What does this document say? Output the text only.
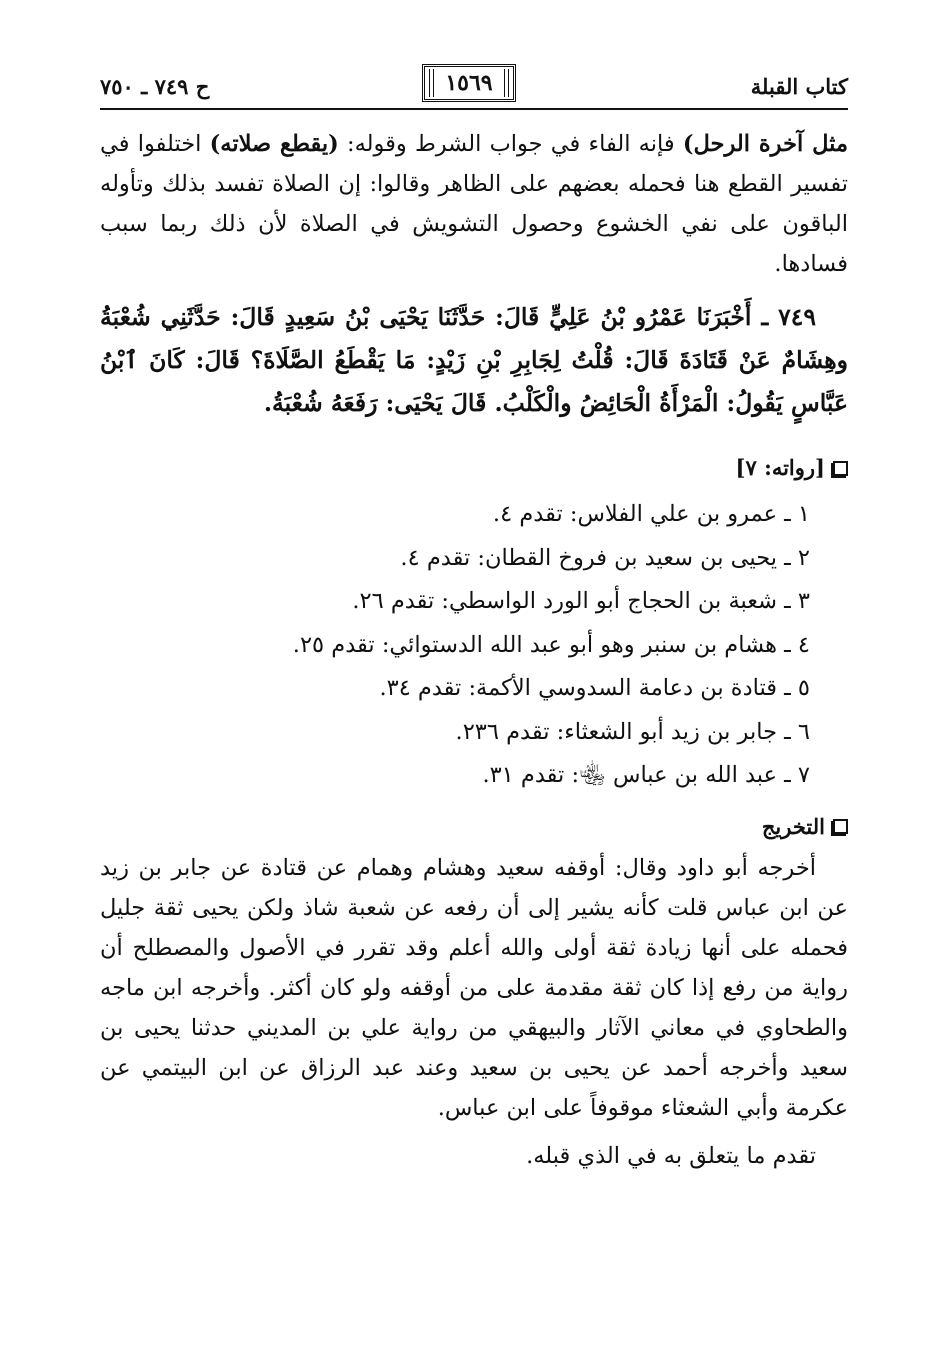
كتاب القبلة
١٥٦٩
ح ٧٤٩ ـ ٧٥٠

مثل آخرة الرحل) فإنه الفاء في جواب الشرط وقوله: (يقطع صلاته) اختلفوا في تفسير القطع هنا فحمله بعضهم على الظاهر وقالوا: إن الصلاة تفسد بذلك وتأوله الباقون على نفي الخشوع وحصول التشويش في الصلاة لأن ذلك ربما سبب فسادها.

٧٤٩ ـ أَخْبَرَنَا عَمْرُو بْنُ عَلِيٍّ قَالَ: حَدَّثَنَا يَحْيَى بْنُ سَعِيدٍ قَالَ: حَدَّثَنِي شُعْبَةُ وهِشَامٌ عَنْ قَتَادَةَ قَالَ: قُلْتُ لِجَابِرِ بْنِ زَيْدٍ: مَا يَقْطَعُ الصَّلَاةَ؟ قَالَ: كَانَ ٱبْنُ عَبَّاسٍ يَقُولُ: الْمَرْأَةُ الْحَائِضُ والْكَلْبُ. قَالَ يَحْيَى: رَفَعَهُ شُعْبَةُ.

[رواته: ٧]
١ ـ عمرو بن علي الفلاس: تقدم ٤.
٢ ـ يحيى بن سعيد بن فروخ القطان: تقدم ٤.
٣ ـ شعبة بن الحجاج أبو الورد الواسطي: تقدم ٢٦.
٤ ـ هشام بن سنبر وهو أبو عبد الله الدستوائي: تقدم ٢٥.
٥ ـ قتادة بن دعامة السدوسي الأكمة: تقدم ٣٤.
٦ ـ جابر بن زيد أبو الشعثاء: تقدم ٢٣٦.
٧ ـ عبد الله بن عباس ﵄: تقدم ٣١.
التخريج

أخرجه أبو داود وقال: أوقفه سعيد وهشام وهمام عن قتادة عن جابر بن زيد عن ابن عباس قلت كأنه يشير إلى أن رفعه عن شعبة شاذ ولكن يحيى ثقة جليل فحمله على أنها زيادة ثقة أولى والله أعلم وقد تقرر في الأصول والمصطلح أن رواية من رفع إذا كان ثقة مقدمة على من أوقفه ولو كان أكثر. وأخرجه ابن ماجه والطحاوي في معاني الآثار والبيهقي من رواية علي بن المديني حدثنا يحيى بن سعيد وأخرجه أحمد عن يحيى بن سعيد وعند عبد الرزاق عن ابن البيتمي عن عكرمة وأبي الشعثاء موقوفاً على ابن عباس.

تقدم ما يتعلق به في الذي قبله.
